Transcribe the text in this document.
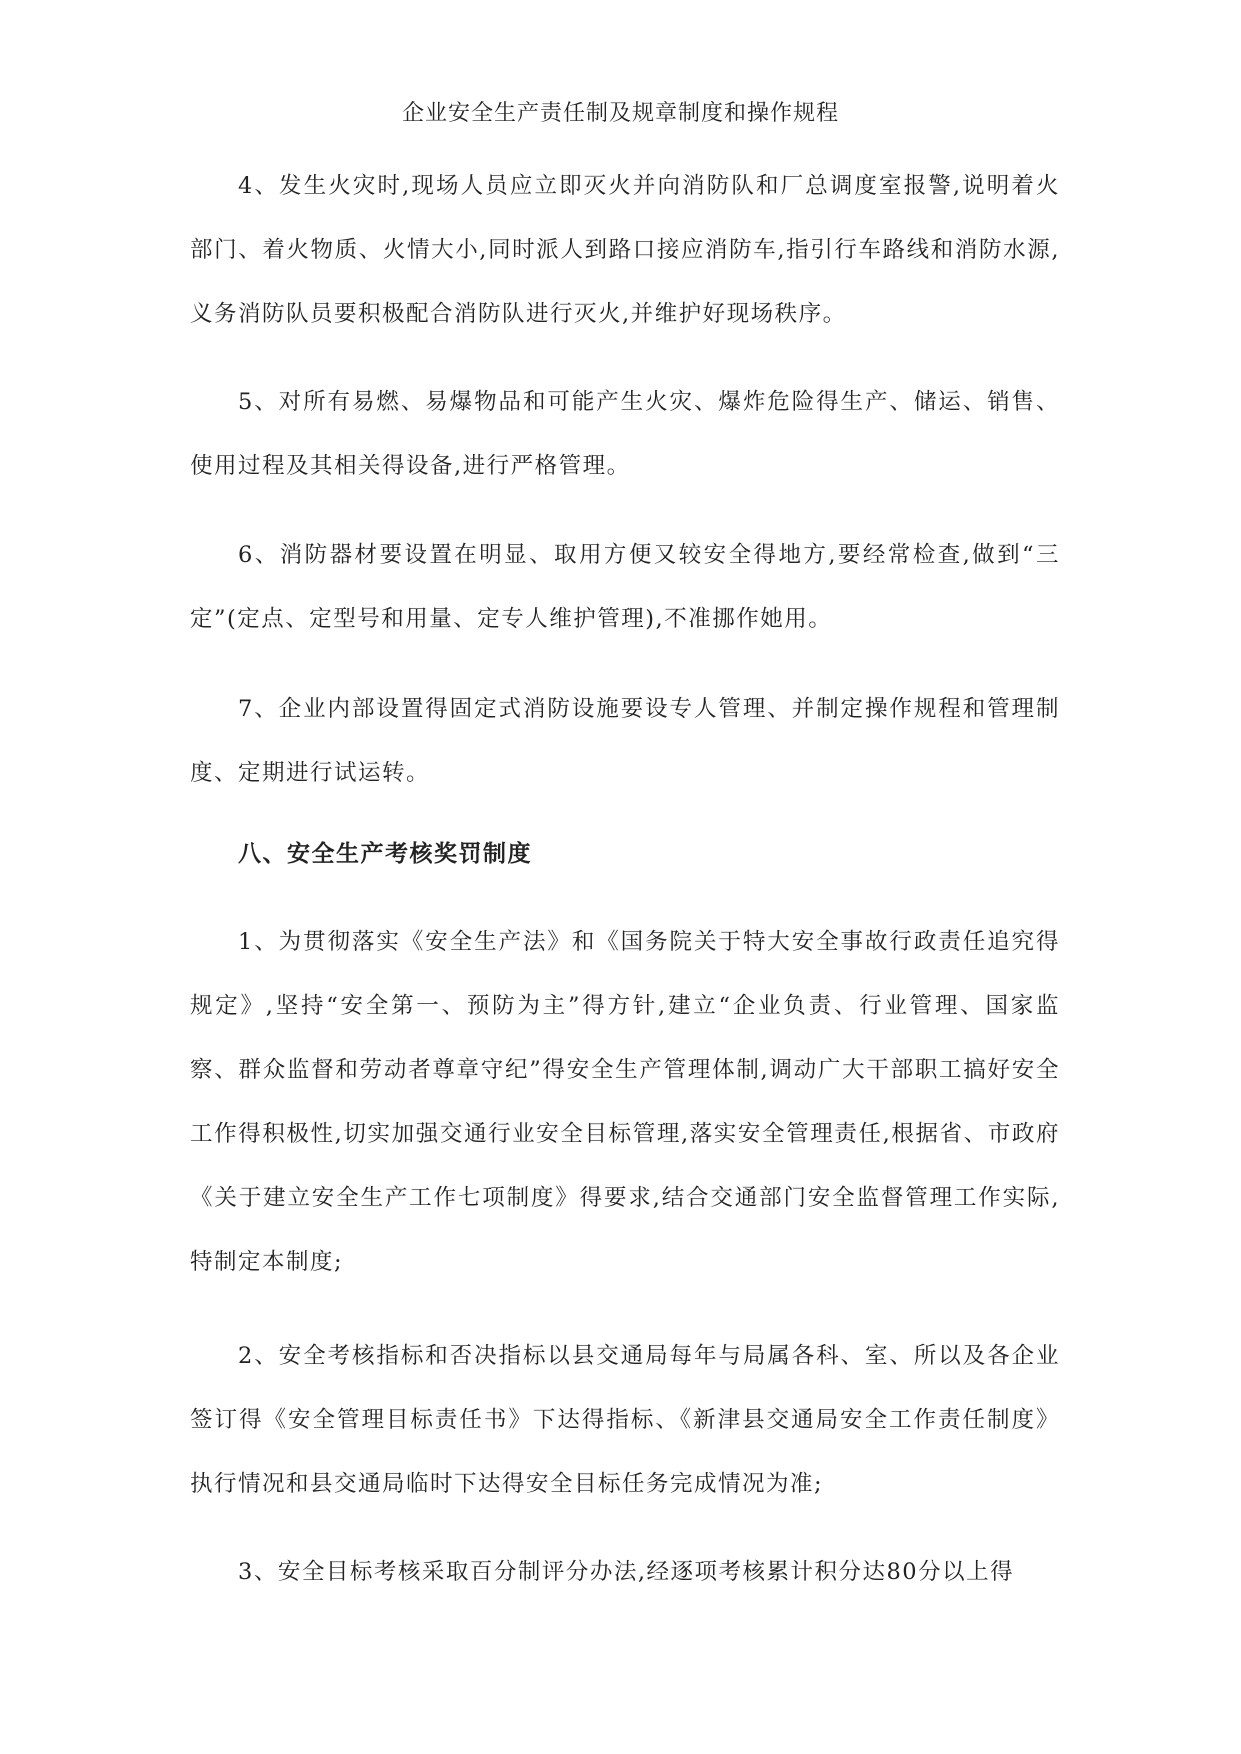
企业安全生产责任制及规章制度和操作规程

4、发生火灾时,现场人员应立即灭火并向消防队和厂总调度室报警,说明着火部门、着火物质、火情大小,同时派人到路口接应消防车,指引行车路线和消防水源,义务消防队员要积极配合消防队进行灭火,并维护好现场秩序。

5、对所有易燃、易爆物品和可能产生火灾、爆炸危险得生产、储运、销售、使用过程及其相关得设备,进行严格管理。

6、消防器材要设置在明显、取用方便又较安全得地方,要经常检查,做到“三定”(定点、定型号和用量、定专人维护管理),不准挪作她用。

7、企业内部设置得固定式消防设施要设专人管理、并制定操作规程和管理制度、定期进行试运转。

八、安全生产考核奖罚制度

1、为贯彻落实《安全生产法》和《国务院关于特大安全事故行政责任追究得规定》,坚持“安全第一、预防为主”得方针,建立“企业负责、行业管理、国家监察、群众监督和劳动者尊章守纪”得安全生产管理体制,调动广大干部职工搞好安全工作得积极性,切实加强交通行业安全目标管理,落实安全管理责任,根据省、市政府《关于建立安全生产工作七项制度》得要求,结合交通部门安全监督管理工作实际,特制定本制度;

2、安全考核指标和否决指标以县交通局每年与局属各科、室、所以及各企业签订得《安全管理目标责任书》下达得指标、《新津县交通局安全工作责任制度》执行情况和县交通局临时下达得安全目标任务完成情况为准;

3、安全目标考核采取百分制评分办法,经逐项考核累计积分达80分以上得
